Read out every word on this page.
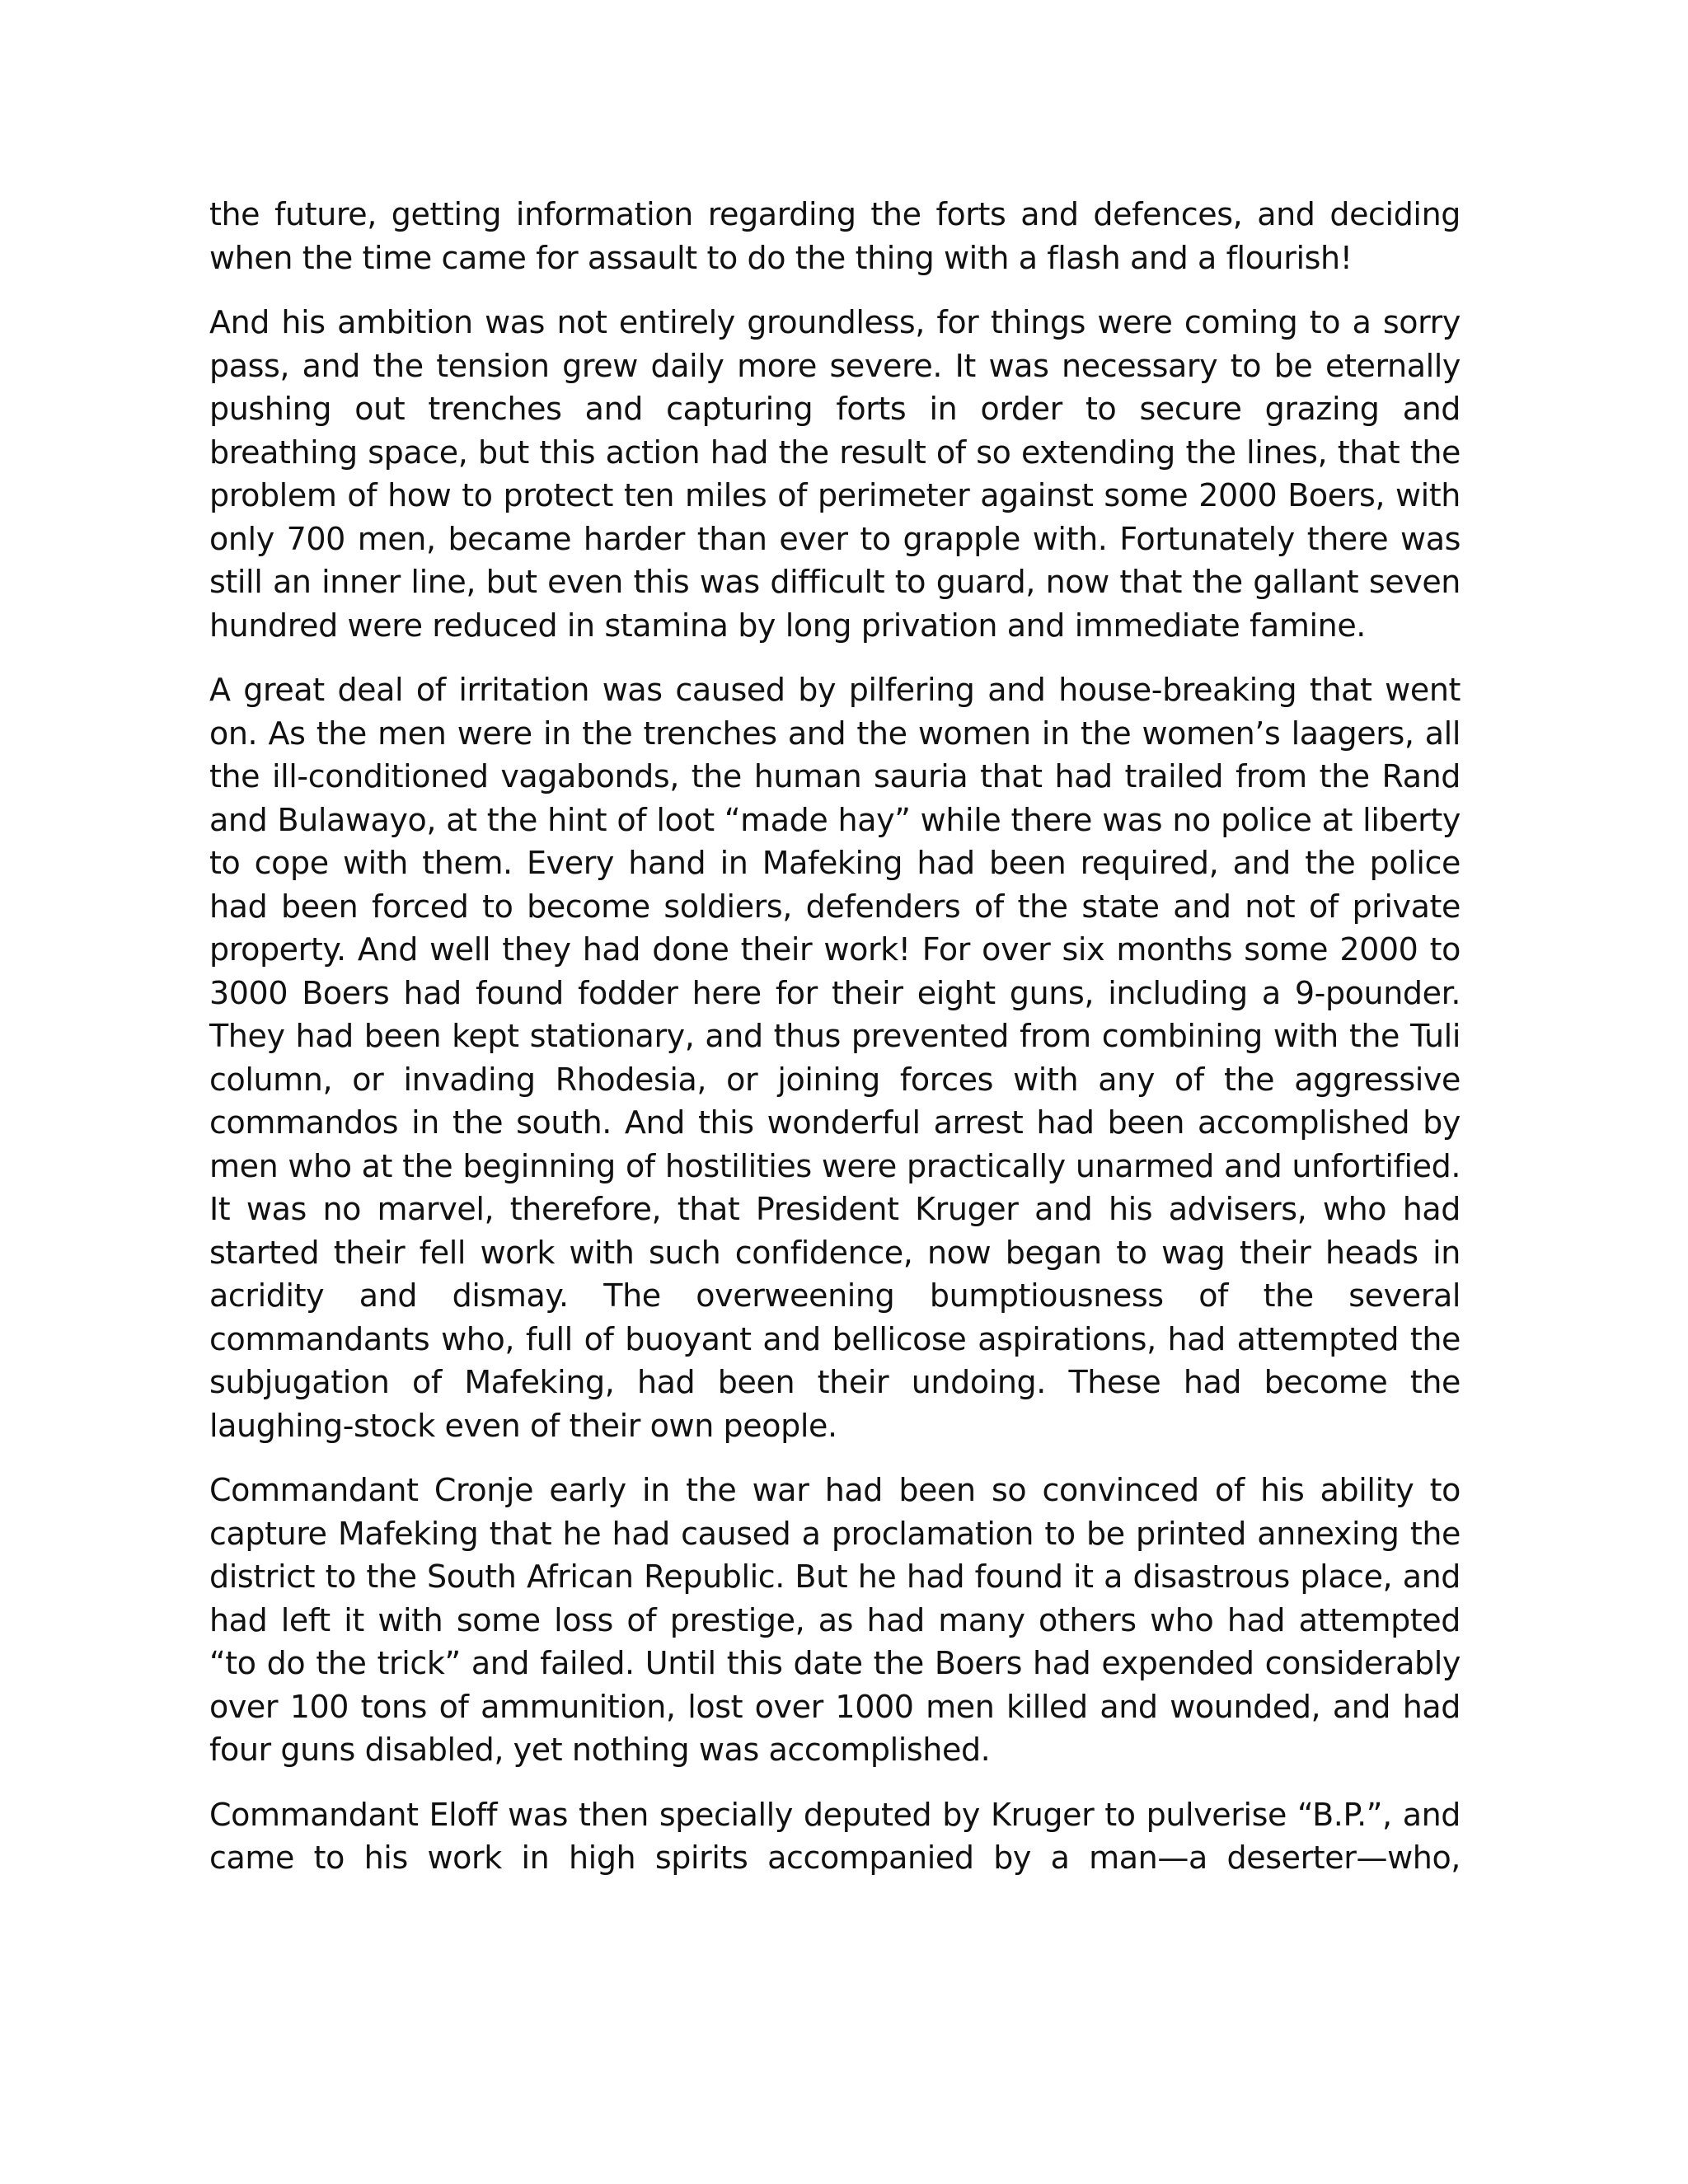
the future, getting information regarding the forts and defences, and deciding when the time came for assault to do the thing with a flash and a flourish!

And his ambition was not entirely groundless, for things were coming to a sorry pass, and the tension grew daily more severe. It was necessary to be eternally pushing out trenches and capturing forts in order to secure grazing and breathing space, but this action had the result of so extending the lines, that the problem of how to protect ten miles of perimeter against some 2000 Boers, with only 700 men, became harder than ever to grapple with. Fortunately there was still an inner line, but even this was difficult to guard, now that the gallant seven hundred were reduced in stamina by long privation and immediate famine.

A great deal of irritation was caused by pilfering and house-breaking that went on. As the men were in the trenches and the women in the women’s laagers, all the ill-conditioned vagabonds, the human sauria that had trailed from the Rand and Bulawayo, at the hint of loot “made hay” while there was no police at liberty to cope with them. Every hand in Mafeking had been required, and the police had been forced to become soldiers, defenders of the state and not of private property. And well they had done their work! For over six months some 2000 to 3000 Boers had found fodder here for their eight guns, including a 9-pounder. They had been kept stationary, and thus prevented from combining with the Tuli column, or invading Rhodesia, or joining forces with any of the aggressive commandos in the south. And this wonderful arrest had been accomplished by men who at the beginning of hostilities were practically unarmed and unfortified. It was no marvel, therefore, that President Kruger and his advisers, who had started their fell work with such confidence, now began to wag their heads in acridity and dismay. The overweening bumptiousness of the several commandants who, full of buoyant and bellicose aspirations, had attempted the subjugation of Mafeking, had been their undoing. These had become the laughing-stock even of their own people.

Commandant Cronje early in the war had been so convinced of his ability to capture Mafeking that he had caused a proclamation to be printed annexing the district to the South African Republic. But he had found it a disastrous place, and had left it with some loss of prestige, as had many others who had attempted “to do the trick” and failed. Until this date the Boers had expended considerably over 100 tons of ammunition, lost over 1000 men killed and wounded, and had four guns disabled, yet nothing was accomplished.

Commandant Eloff was then specially deputed by Kruger to pulverise “B.P.”, and came to his work in high spirits accompanied by a man—a deserter—who,
